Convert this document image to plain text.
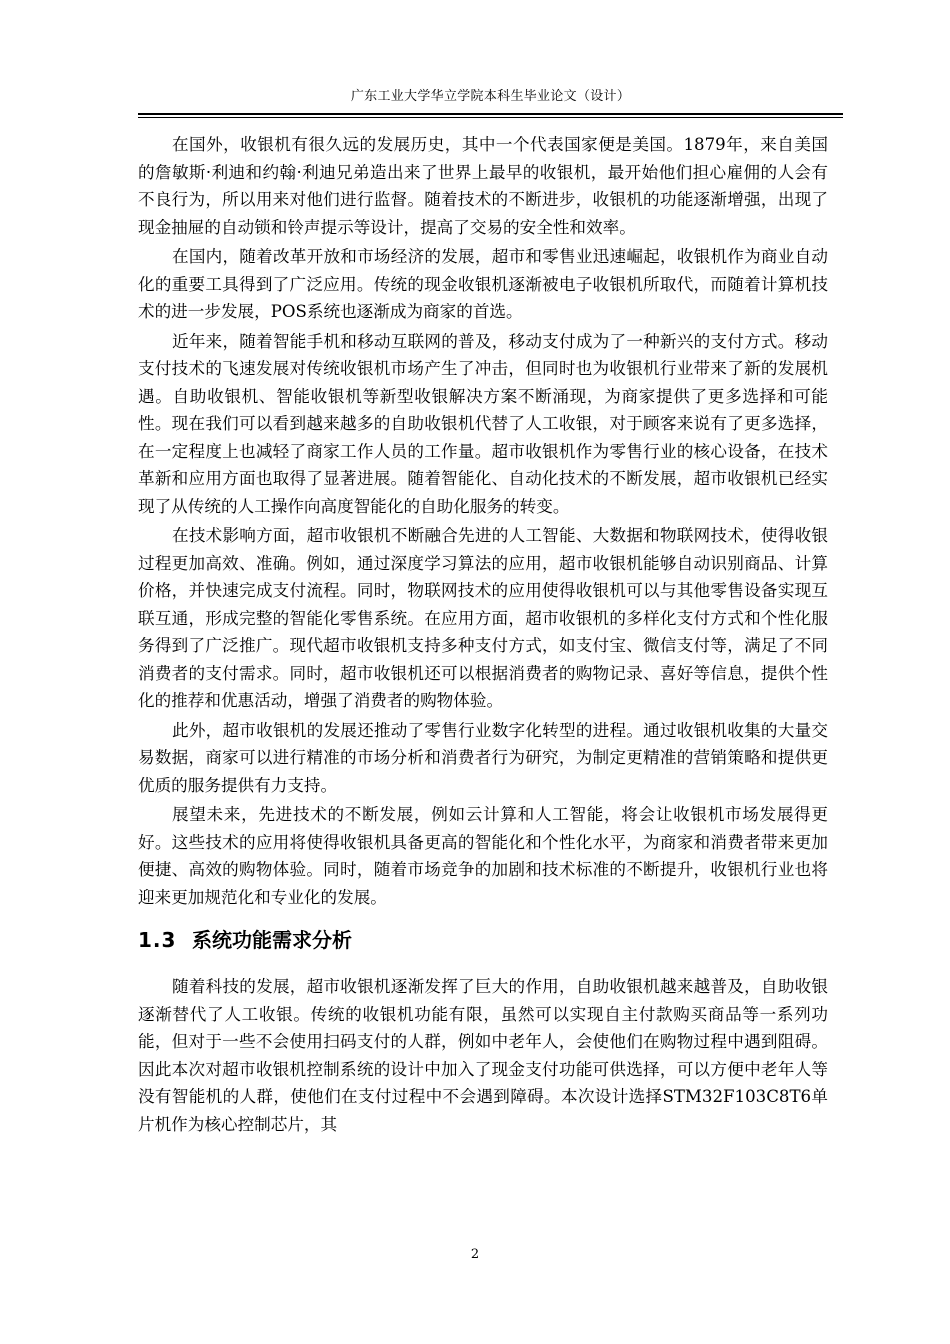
广东工业大学华立学院本科生毕业论文（设计）

在国外，收银机有很久远的发展历史，其中一个代表国家便是美国。1879年，来自美国的詹敏斯·利迪和约翰·利迪兄弟造出来了世界上最早的收银机，最开始他们担心雇佣的人会有不良行为，所以用来对他们进行监督。随着技术的不断进步，收银机的功能逐渐增强，出现了现金抽屉的自动锁和铃声提示等设计，提高了交易的安全性和效率。

在国内，随着改革开放和市场经济的发展，超市和零售业迅速崛起，收银机作为商业自动化的重要工具得到了广泛应用。传统的现金收银机逐渐被电子收银机所取代，而随着计算机技术的进一步发展，POS系统也逐渐成为商家的首选。

近年来，随着智能手机和移动互联网的普及，移动支付成为了一种新兴的支付方式。移动支付技术的飞速发展对传统收银机市场产生了冲击，但同时也为收银机行业带来了新的发展机遇。自助收银机、智能收银机等新型收银解决方案不断涌现，为商家提供了更多选择和可能性。现在我们可以看到越来越多的自助收银机代替了人工收银，对于顾客来说有了更多选择，在一定程度上也减轻了商家工作人员的工作量。超市收银机作为零售行业的核心设备，在技术革新和应用方面也取得了显著进展。随着智能化、自动化技术的不断发展，超市收银机已经实现了从传统的人工操作向高度智能化的自助化服务的转变。

在技术影响方面，超市收银机不断融合先进的人工智能、大数据和物联网技术，使得收银过程更加高效、准确。例如，通过深度学习算法的应用，超市收银机能够自动识别商品、计算价格，并快速完成支付流程。同时，物联网技术的应用使得收银机可以与其他零售设备实现互联互通，形成完整的智能化零售系统。在应用方面，超市收银机的多样化支付方式和个性化服务得到了广泛推广。现代超市收银机支持多种支付方式，如支付宝、微信支付等，满足了不同消费者的支付需求。同时，超市收银机还可以根据消费者的购物记录、喜好等信息，提供个性化的推荐和优惠活动，增强了消费者的购物体验。

此外，超市收银机的发展还推动了零售行业数字化转型的进程。通过收银机收集的大量交易数据，商家可以进行精准的市场分析和消费者行为研究，为制定更精准的营销策略和提供更优质的服务提供有力支持。

展望未来，先进技术的不断发展，例如云计算和人工智能，将会让收银机市场发展得更好。这些技术的应用将使得收银机具备更高的智能化和个性化水平，为商家和消费者带来更加便捷、高效的购物体验。同时，随着市场竞争的加剧和技术标准的不断提升，收银机行业也将迎来更加规范化和专业化的发展。

1.3 系统功能需求分析

随着科技的发展，超市收银机逐渐发挥了巨大的作用，自助收银机越来越普及，自助收银逐渐替代了人工收银。传统的收银机功能有限，虽然可以实现自主付款购买商品等一系列功能，但对于一些不会使用扫码支付的人群，例如中老年人，会使他们在购物过程中遇到阻碍。因此本次对超市收银机控制系统的设计中加入了现金支付功能可供选择，可以方便中老年人等没有智能机的人群，使他们在支付过程中不会遇到障碍。本次设计选择STM32F103C8T6单片机作为核心控制芯片，其

2
